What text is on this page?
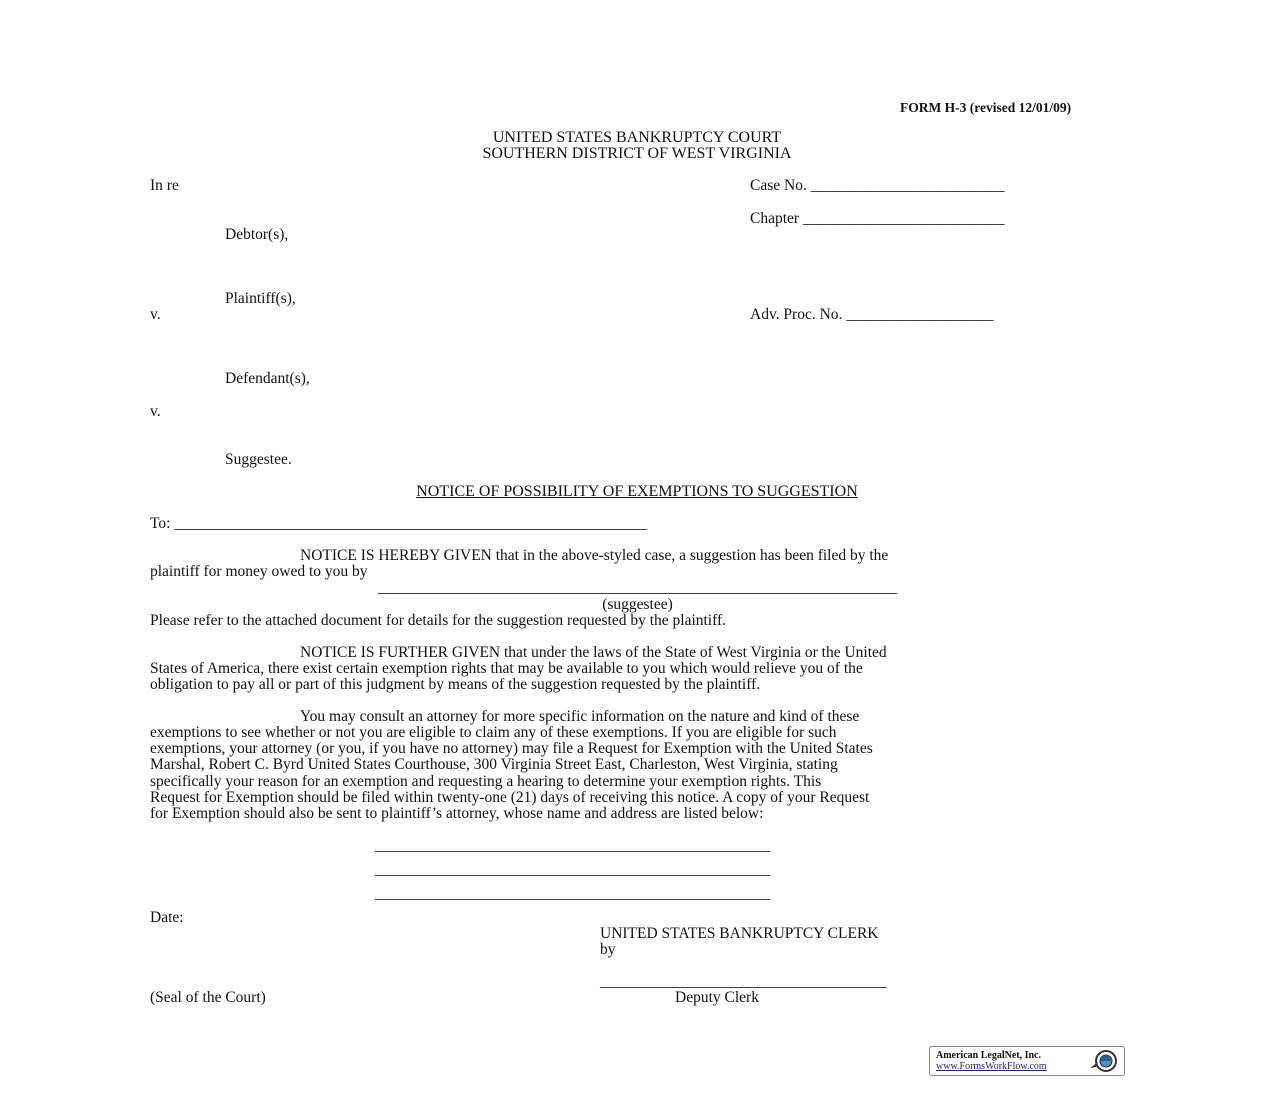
FORM H-3 (revised 12/01/09)
UNITED STATES BANKRUPTCY COURT
SOUTHERN DISTRICT OF WEST VIRGINIA
In re	Case No. _________________________
Chapter __________________________
Debtor(s),
Plaintiff(s),
v.	Adv. Proc. No. ___________________
Defendant(s),
v.
Suggestee.
NOTICE OF POSSIBILITY OF EXEMPTIONS TO SUGGESTION
To: _____________________________________________________________
NOTICE IS HEREBY GIVEN that in the above-styled case, a suggestion has been filed by the
plaintiff for money owed to you by
___________________________________________________________________
(suggestee)
Please refer to the attached document for details for the suggestion requested by the plaintiff.
NOTICE IS FURTHER GIVEN that under the laws of the State of West Virginia or the United
States of America, there exist certain exemption rights that may be available to you which would relieve you of the
obligation to pay all or part of this judgment by means of the suggestion requested by the plaintiff.
You may consult an attorney for more specific information on the nature and kind of these
exemptions to see whether or not you are eligible to claim any of these exemptions. If you are eligible for such
exemptions, your attorney (or you, if you have no attorney) may file a Request for Exemption with the United States
Marshal, Robert C. Byrd United States Courthouse, 300 Virginia Street East, Charleston, West Virginia, stating
specifically your reason for an exemption and requesting a hearing to determine your exemption rights. This
Request for Exemption should be filed within twenty-one (21) days of receiving this notice. A copy of your Request
for Exemption should also be sent to plaintiff’s attorney, whose name and address are listed below:
___________________________________________________
___________________________________________________
___________________________________________________
Date:
UNITED STATES BANKRUPTCY CLERK
by
_____________________________________
(Seal of the Court)	Deputy Clerk
American LegalNet, Inc.
www.FormsWorkFlow.com
